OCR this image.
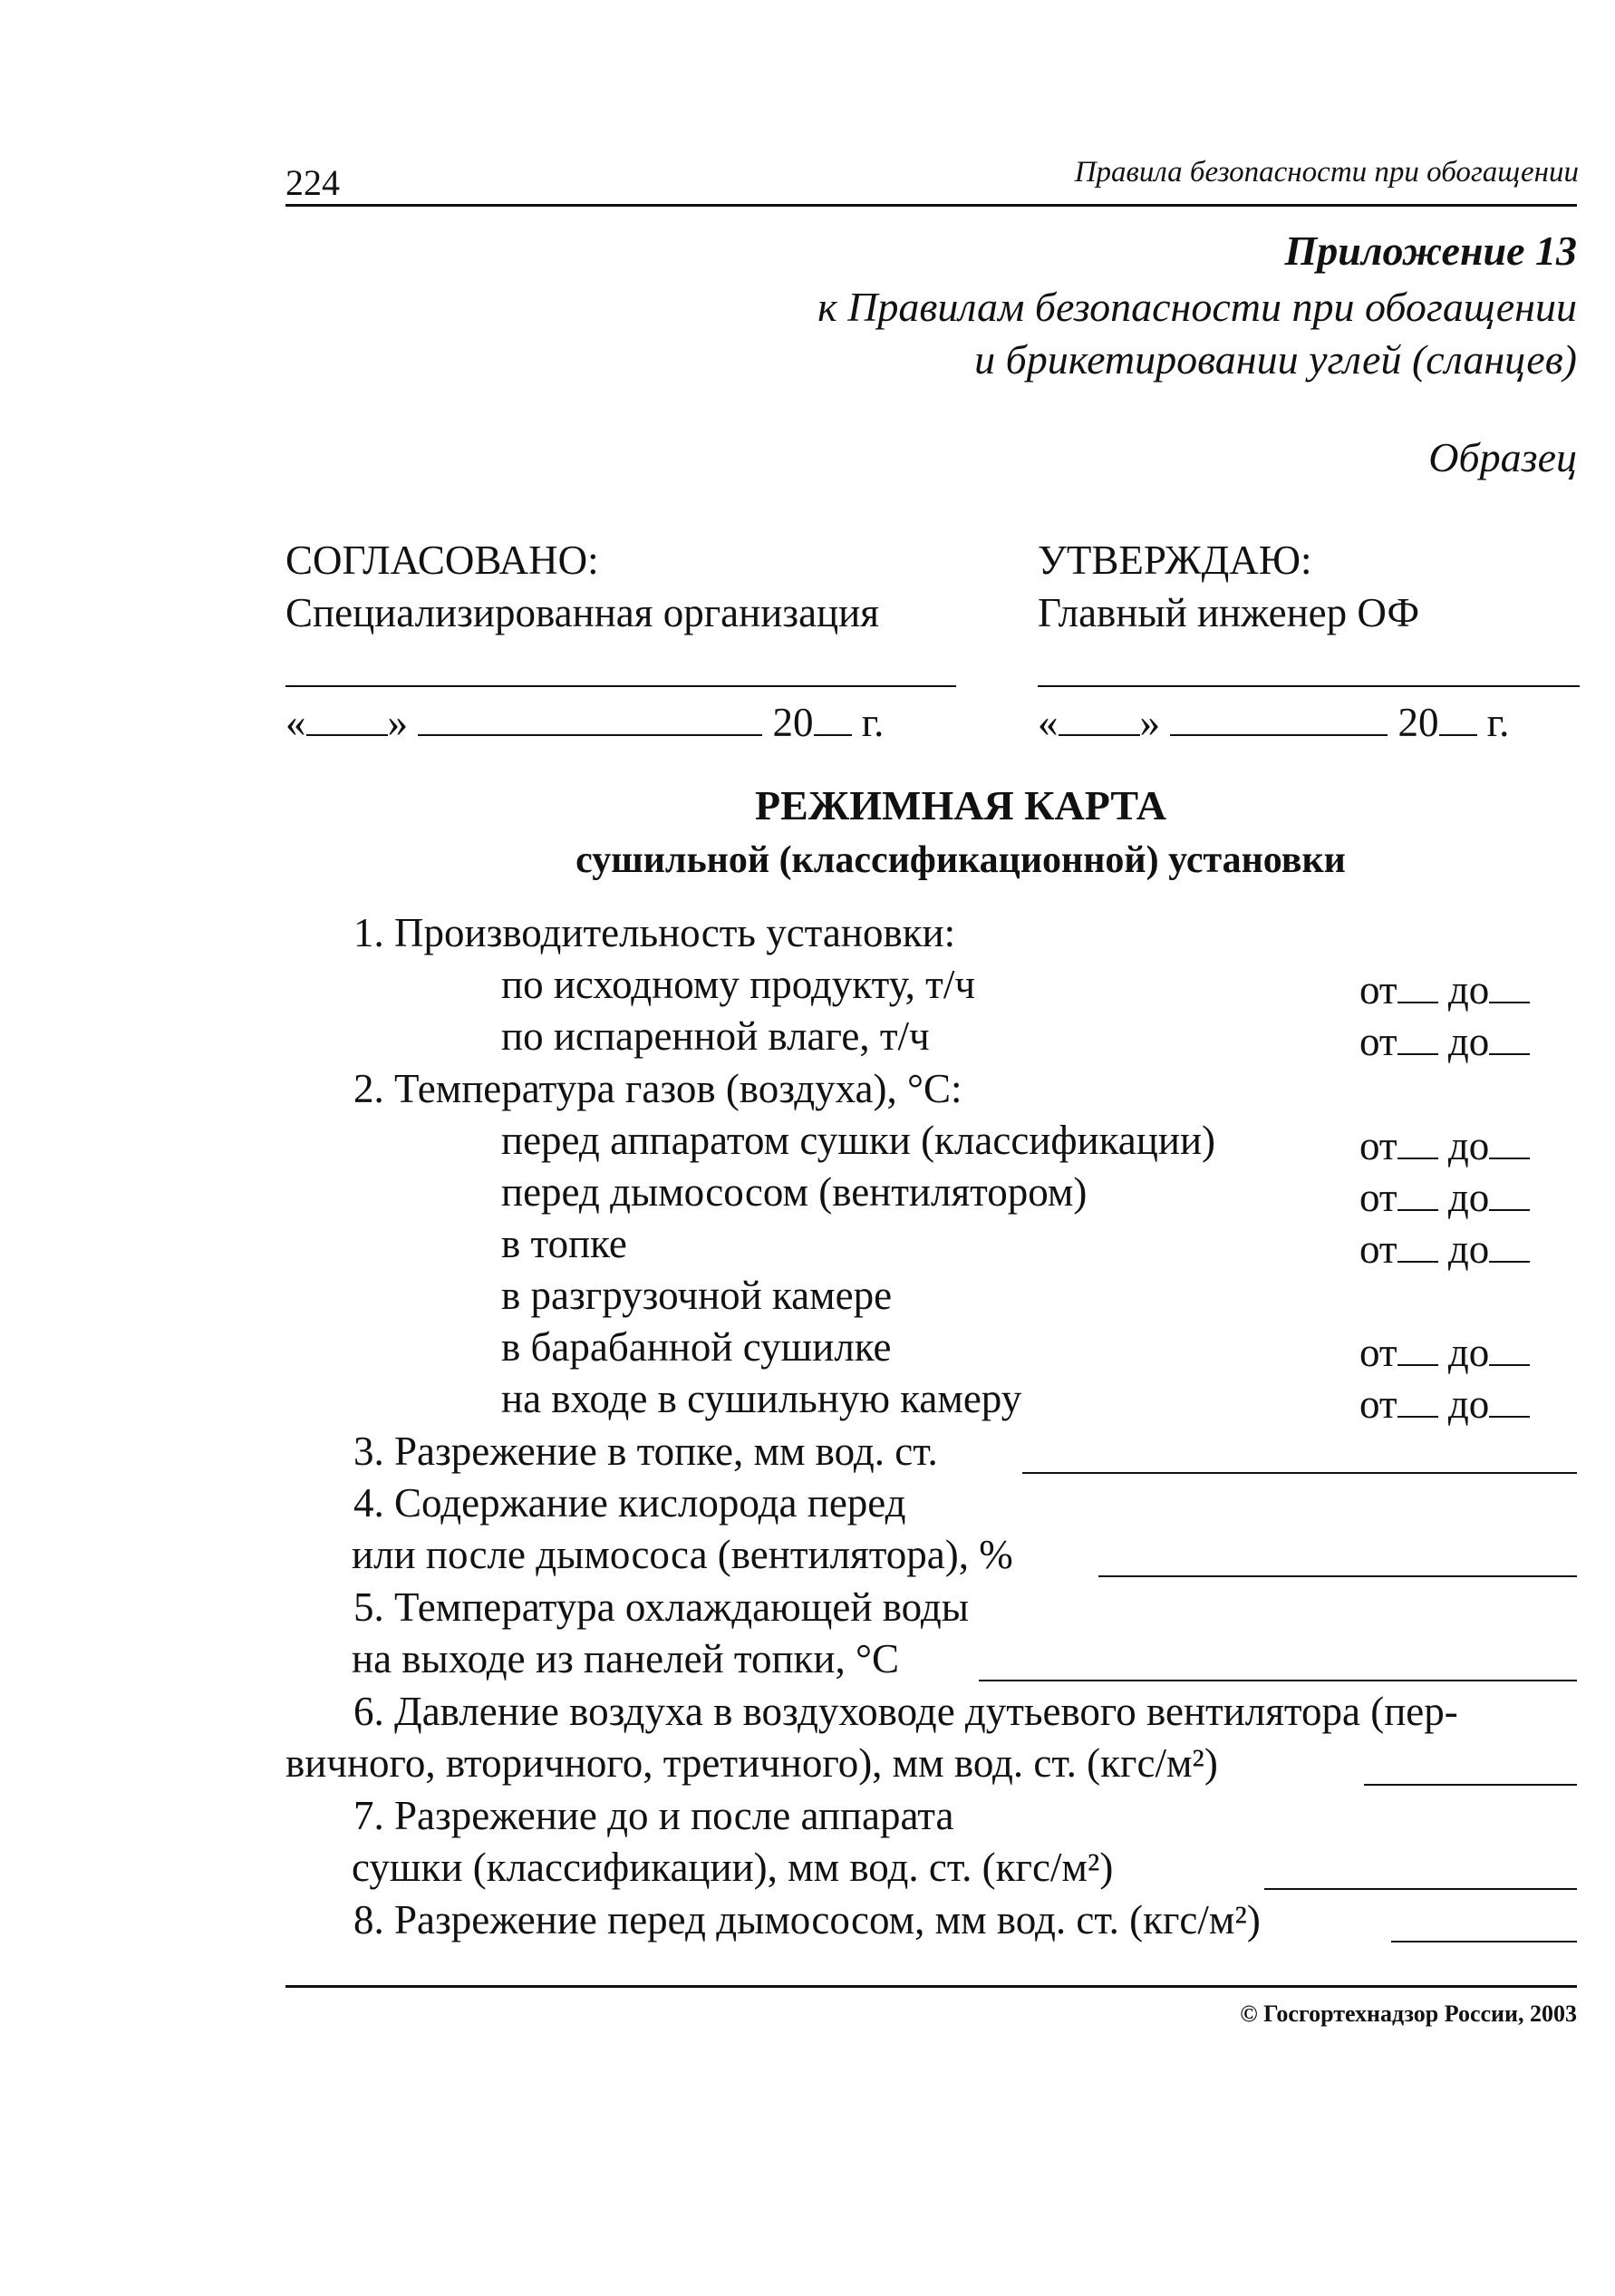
224	Правила безопасности при обогащении
Приложение 13
к Правилам безопасности при обогащении
и брикетировании углей (сланцев)
Образец
СОГЛАСОВАНО:
Специализированная организация
УТВЕРЖДАЮ:
Главный инженер ОФ
« »	20 г.	« »	20 г.
РЕЖИМНАЯ КАРТА
сушильной (классификационной) установки
1. Производительность установки:
по исходному продукту, т/ч	от до
по испаренной влаге, т/ч	от до
2. Температура газов (воздуха), °С:
перед аппаратом сушки (классификации)	от до
перед дымососом (вентилятором)	от до
в топке	от до
в разгрузочной камере
в барабанной сушилке	от до
на входе в сушильную камеру	от до
3. Разрежение в топке, мм вод. ст.
4. Содержание кислорода перед
или после дымососа (вентилятора), %
5. Температура охлаждающей воды
на выходе из панелей топки, °С
6. Давление воздуха в воздуховоде дутьевого вентилятора (пер-
вичного, вторичного, третичного), мм вод. ст. (кгс/м²)
7. Разрежение до и после аппарата
сушки (классификации), мм вод. ст. (кгс/м²)
8. Разрежение перед дымососом, мм вод. ст. (кгс/м²)
© Госгортехнадзор России, 2003
